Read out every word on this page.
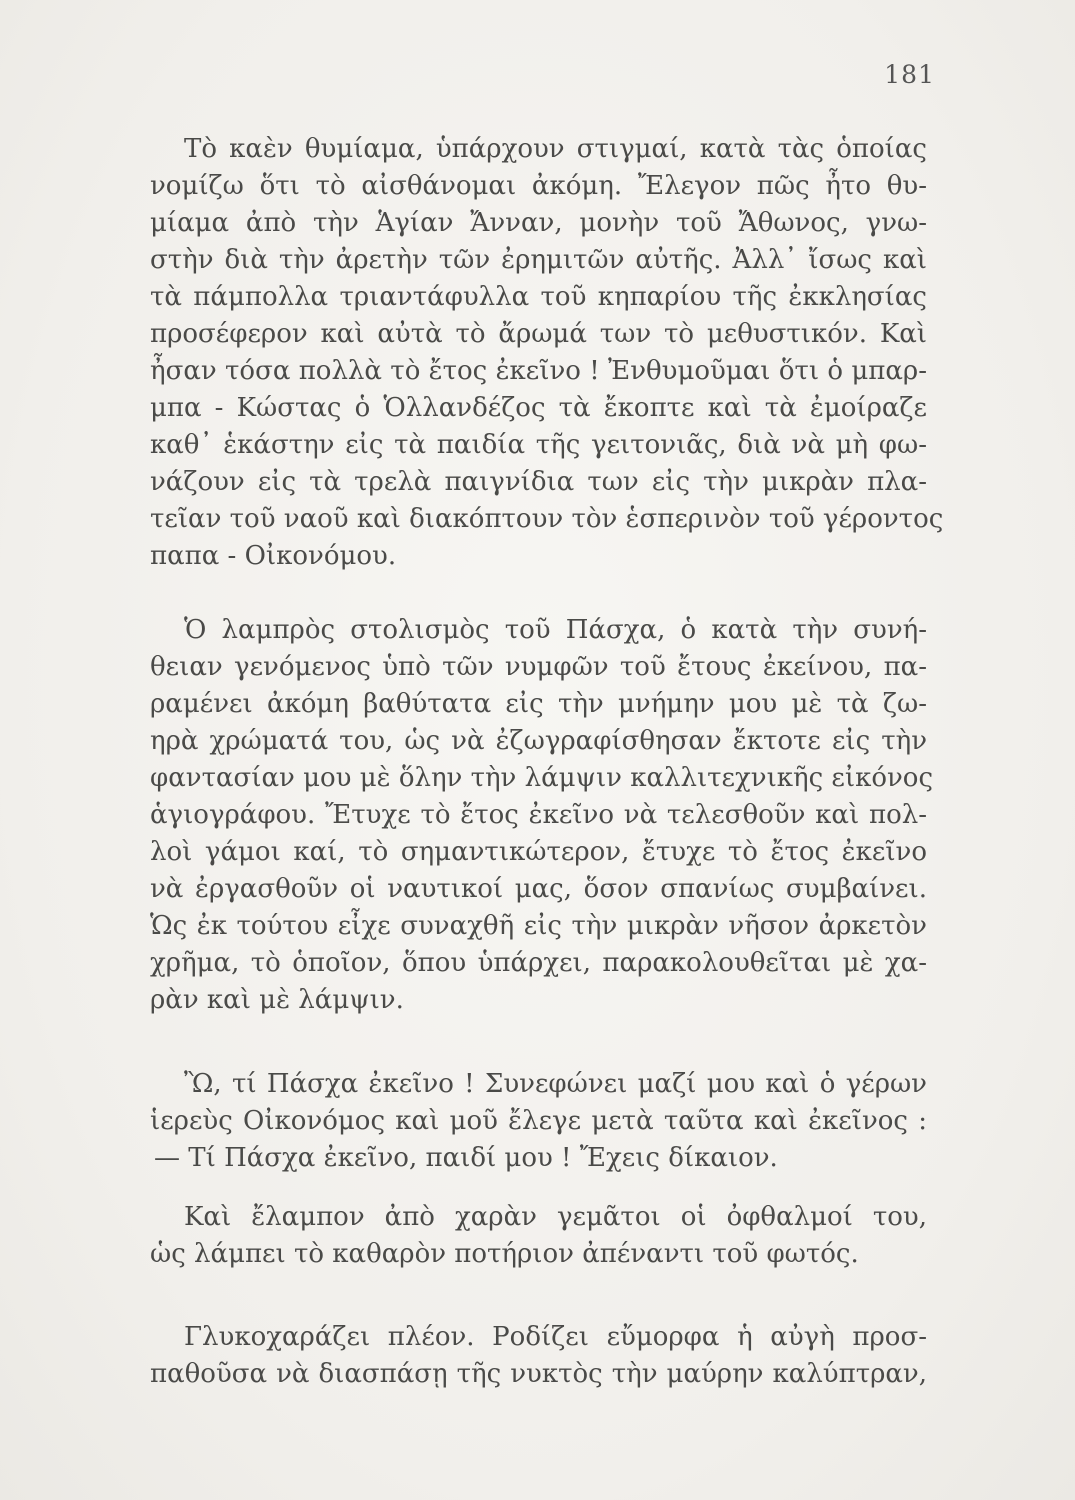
181
Τὸ καὲν θυμίαμα, ὑπάρχουν στιγμαί, κατὰ τὰς ὁποίας
νομίζω ὅτι τὸ αἰσθάνομαι ἀκόμη. Ἔλεγον πῶς ἦτο θυ-
μίαμα ἀπὸ τὴν Ἁγίαν Ἄνναν, μονὴν τοῦ Ἄθωνος, γνω-
στὴν διὰ τὴν ἀρετὴν τῶν ἐρημιτῶν αὐτῆς. Ἀλλ᾽ ἴσως καὶ
τὰ πάμπολλα τριαντάφυλλα τοῦ κηπαρίου τῆς ἐκκλησίας
προσέφερον καὶ αὐτὰ τὸ ἄρωμά των τὸ μεθυστικόν. Καὶ
ἦσαν τόσα πολλὰ τὸ ἔτος ἐκεῖνο ! Ἐνθυμοῦμαι ὅτι ὁ μπαρ-
μπα - Κώστας ὁ Ὁλλανδέζος τὰ ἔκοπτε καὶ τὰ ἐμοίραζε
καθ᾽ ἑκάστην εἰς τὰ παιδία τῆς γειτονιᾶς, διὰ νὰ μὴ φω-
νάζουν εἰς τὰ τρελὰ παιγνίδια των εἰς τὴν μικρὰν πλα-
τεῖαν τοῦ ναοῦ καὶ διακόπτουν τὸν ἑσπερινὸν τοῦ γέροντος
παπα - Οἰκονόμου.
Ὁ λαμπρὸς στολισμὸς τοῦ Πάσχα, ὁ κατὰ τὴν συνή-
θειαν γενόμενος ὑπὸ τῶν νυμφῶν τοῦ ἔτους ἐκείνου, πα-
ραμένει ἀκόμη βαθύτατα εἰς τὴν μνήμην μου μὲ τὰ ζω-
ηρὰ χρώματά του, ὡς νὰ ἐζωγραφίσθησαν ἔκτοτε εἰς τὴν
φαντασίαν μου μὲ ὅλην τὴν λάμψιν καλλιτεχνικῆς εἰκόνος
ἁγιογράφου. Ἔτυχε τὸ ἔτος ἐκεῖνο νὰ τελεσθοῦν καὶ πολ-
λοὶ γάμοι καί, τὸ σημαντικώτερον, ἔτυχε τὸ ἔτος ἐκεῖνο
νὰ ἐργασθοῦν οἱ ναυτικοί μας, ὅσον σπανίως συμβαίνει.
Ὡς ἐκ τούτου εἶχε συναχθῆ εἰς τὴν μικρὰν νῆσον ἀρκετὸν
χρῆμα, τὸ ὁποῖον, ὅπου ὑπάρχει, παρακολουθεῖται μὲ χα-
ρὰν καὶ μὲ λάμψιν.
Ὢ, τί Πάσχα ἐκεῖνο ! Συνεφώνει μαζί μου καὶ ὁ γέρων
ἱερεὺς Οἰκονόμος καὶ μοῦ ἔλεγε μετὰ ταῦτα καὶ ἐκεῖνος :
— Τί Πάσχα ἐκεῖνο, παιδί μου ! Ἔχεις δίκαιον.
Καὶ ἔλαμπον ἀπὸ χαρὰν γεμᾶτοι οἱ ὀφθαλμοί του,
ὡς λάμπει τὸ καθαρὸν ποτήριον ἀπέναντι τοῦ φωτός.
Γλυκοχαράζει πλέον. Ροδίζει εὔμορφα ἡ αὐγὴ προσ-
παθοῦσα νὰ διασπάσῃ τῆς νυκτὸς τὴν μαύρην καλύπτραν,
